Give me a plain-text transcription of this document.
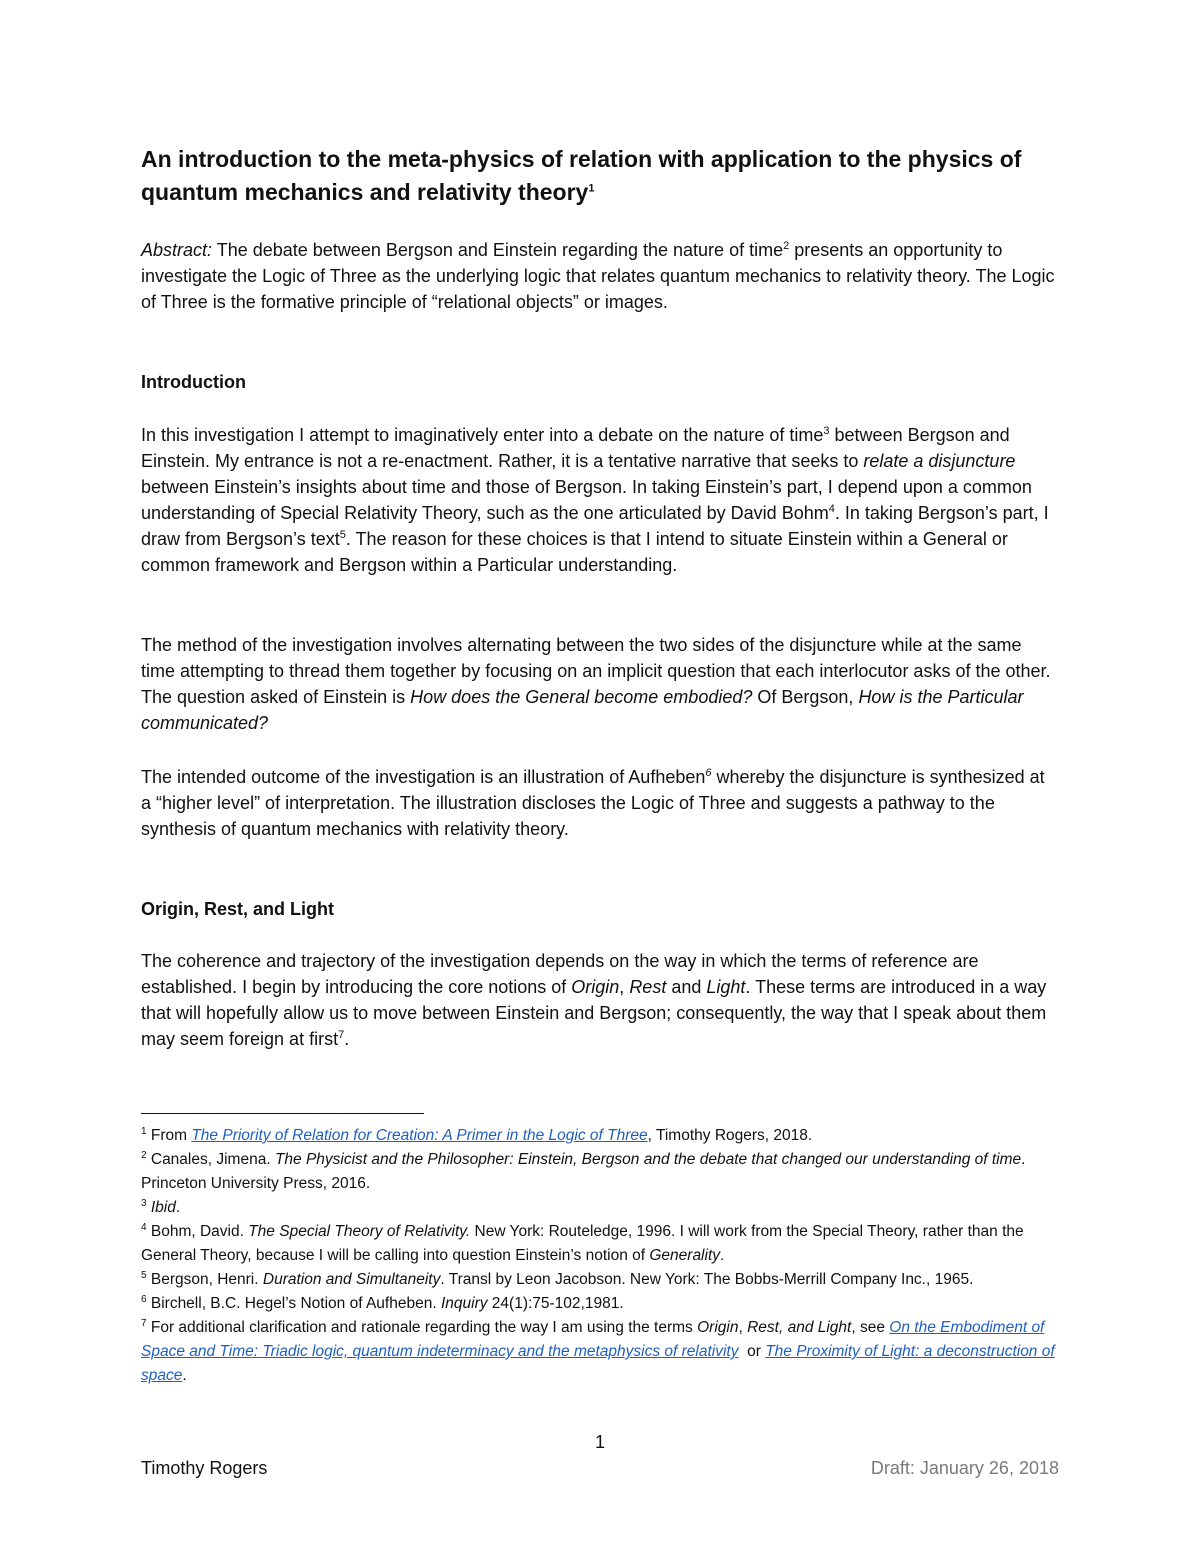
An introduction to the meta-physics of relation with application to the physics of quantum mechanics and relativity theory$^1$

Abstract: The debate between Bergson and Einstein regarding the nature of time$^2$ presents an opportunity to investigate the Logic of Three as the underlying logic that relates quantum mechanics to relativity theory. The Logic of Three is the formative principle of “relational objects” or images.

Introduction

In this investigation I attempt to imaginatively enter into a debate on the nature of time$^3$ between Bergson and Einstein. My entrance is not a re-enactment. Rather, it is a tentative narrative that seeks to relate a disjuncture between Einstein’s insights about time and those of Bergson. In taking Einstein’s part, I depend upon a common understanding of Special Relativity Theory, such as the one articulated by David Bohm$^4$. In taking Bergson’s part, I draw from Bergson’s text$^5$. The reason for these choices is that I intend to situate Einstein within a General or common framework and Bergson within a Particular understanding.

The method of the investigation involves alternating between the two sides of the disjuncture while at the same time attempting to thread them together by focusing on an implicit question that each interlocutor asks of the other. The question asked of Einstein is How does the General become embodied? Of Bergson, How is the Particular communicated?

The intended outcome of the investigation is an illustration of Aufheben$^6$ whereby the disjuncture is synthesized at a “higher level” of interpretation. The illustration discloses the Logic of Three and suggests a pathway to the synthesis of quantum mechanics with relativity theory.

Origin, Rest, and Light

The coherence and trajectory of the investigation depends on the way in which the terms of reference are established. I begin by introducing the core notions of Origin, Rest and Light. These terms are introduced in a way that will hopefully allow us to move between Einstein and Bergson; consequently, the way that I speak about them may seem foreign at first$^7$.

$^1$ From The Priority of Relation for Creation: A Primer in the Logic of Three, Timothy Rogers, 2018.

$^2$ Canales, Jimena. The Physicist and the Philosopher: Einstein, Bergson and the debate that changed our understanding of time. Princeton University Press, 2016.

$^3$ Ibid.

$^4$ Bohm, David. The Special Theory of Relativity. New York: Routeledge, 1996. I will work from the Special Theory, rather than the General Theory, because I will be calling into question Einstein’s notion of Generality.

$^5$ Bergson, Henri. Duration and Simultaneity. Transl by Leon Jacobson. New York: The Bobbs-Merrill Company Inc., 1965.

$^6$ Birchell, B.C. Hegel’s Notion of Aufheben. Inquiry 24(1):75-102,1981.

$^7$ For additional clarification and rationale regarding the way I am using the terms Origin, Rest, and Light, see On the Embodiment of Space and Time: Triadic logic, quantum indeterminacy and the metaphysics of relativity  or The Proximity of Light: a deconstruction of space.

1
Timothy Rogers	Draft: January 26, 2018
